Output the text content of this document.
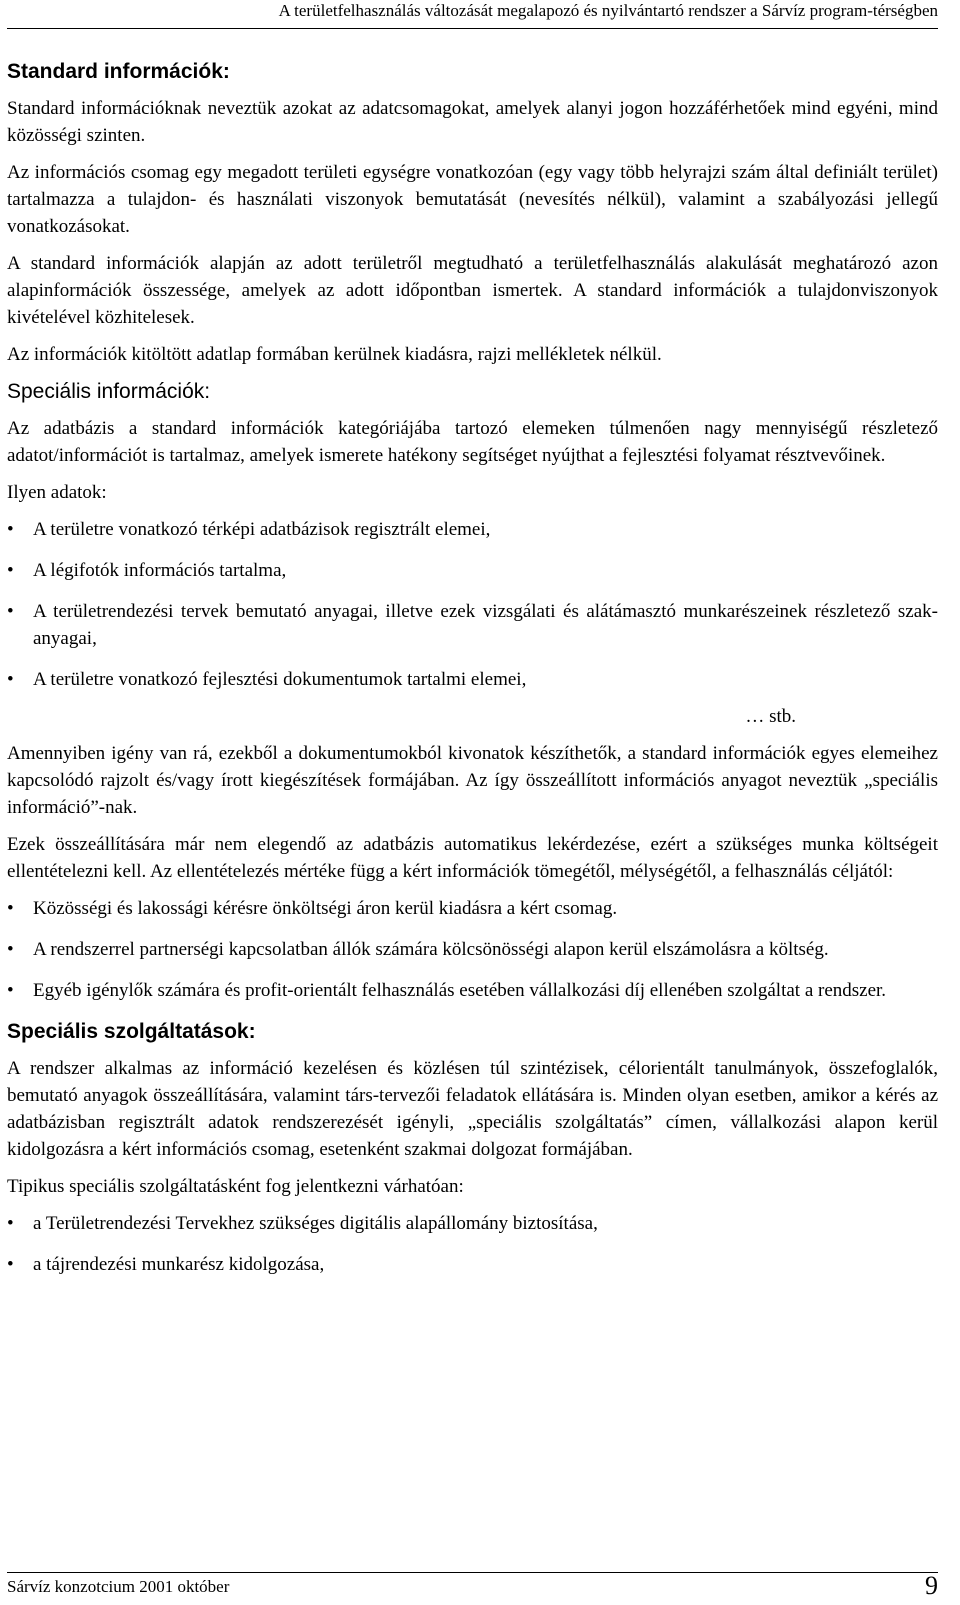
A területfelhasználás változását megalapozó és nyilvántartó rendszer a Sárvíz program-térségben
Standard információk:

Standard információknak neveztük azokat az adatcsomagokat, amelyek alanyi jogon hozzáférhetőek mind egyéni, mind közösségi szinten.

Az információs csomag egy megadott területi egységre vonatkozóan (egy vagy több helyrajzi szám által definiált terület) tartalmazza a tulajdon- és használati viszonyok bemutatását (nevesítés nélkül), valamint a szabályozási jellegű vonatkozásokat.

A standard információk alapján az adott területről megtudható a területfelhasználás alakulását meghatározó azon alapinformációk összessége, amelyek az adott időpontban ismertek. A standard információk a tulajdonviszonyok kivételével közhitelesek.

Az információk kitöltött adatlap formában kerülnek kiadásra, rajzi mellékletek nélkül.

Speciális információk:

Az adatbázis a standard információk kategóriájába tartozó elemeken túlmenően nagy mennyiségű részletező adatot/információt is tartalmaz, amelyek ismerete hatékony segítséget nyújthat a fejlesztési folyamat résztvevőinek.

Ilyen adatok:

• A területre vonatkozó térképi adatbázisok regisztrált elemei,
• A légifotók információs tartalma,
• A területrendezési tervek bemutató anyagai, illetve ezek vizsgálati és alátámasztó munkarészeinek részletező szak-anyagai,
• A területre vonatkozó fejlesztési dokumentumok tartalmi elemei,
… stb.

Amennyiben igény van rá, ezekből a dokumentumokból kivonatok készíthetők, a standard információk egyes elemeihez kapcsolódó rajzolt és/vagy írott kiegészítések formájában. Az így összeállított információs anyagot neveztük „speciális információ”-nak.

Ezek összeállítására már nem elegendő az adatbázis automatikus lekérdezése, ezért a szükséges munka költségeit ellentételezni kell. Az ellentételezés mértéke függ a kért információk tömegétől, mélységétől, a felhasználás céljától:

• Közösségi és lakossági kérésre önköltségi áron kerül kiadásra a kért csomag.
• A rendszerrel partnerségi kapcsolatban állók számára kölcsönösségi alapon kerül elszámolásra a költség.
• Egyéb igénylők számára és profit-orientált felhasználás esetében vállalkozási díj ellenében szolgáltat a rendszer.
Speciális szolgáltatások:

A rendszer alkalmas az információ kezelésen és közlésen túl szintézisek, célorientált tanulmányok, összefoglalók, bemutató anyagok összeállítására, valamint társ-tervezői feladatok ellátására is. Minden olyan esetben, amikor a kérés az adatbázisban regisztrált adatok rendszerezését igényli, „speciális szolgáltatás” címen, vállalkozási alapon kerül kidolgozásra a kért információs csomag, esetenként szakmai dolgozat formájában.

Tipikus speciális szolgáltatásként fog jelentkezni várhatóan:

• a Területrendezési Tervekhez szükséges digitális alapállomány biztosítása,
• a tájrendezési munkarész kidolgozása,
Sárvíz konzotcium 2001 október	9
